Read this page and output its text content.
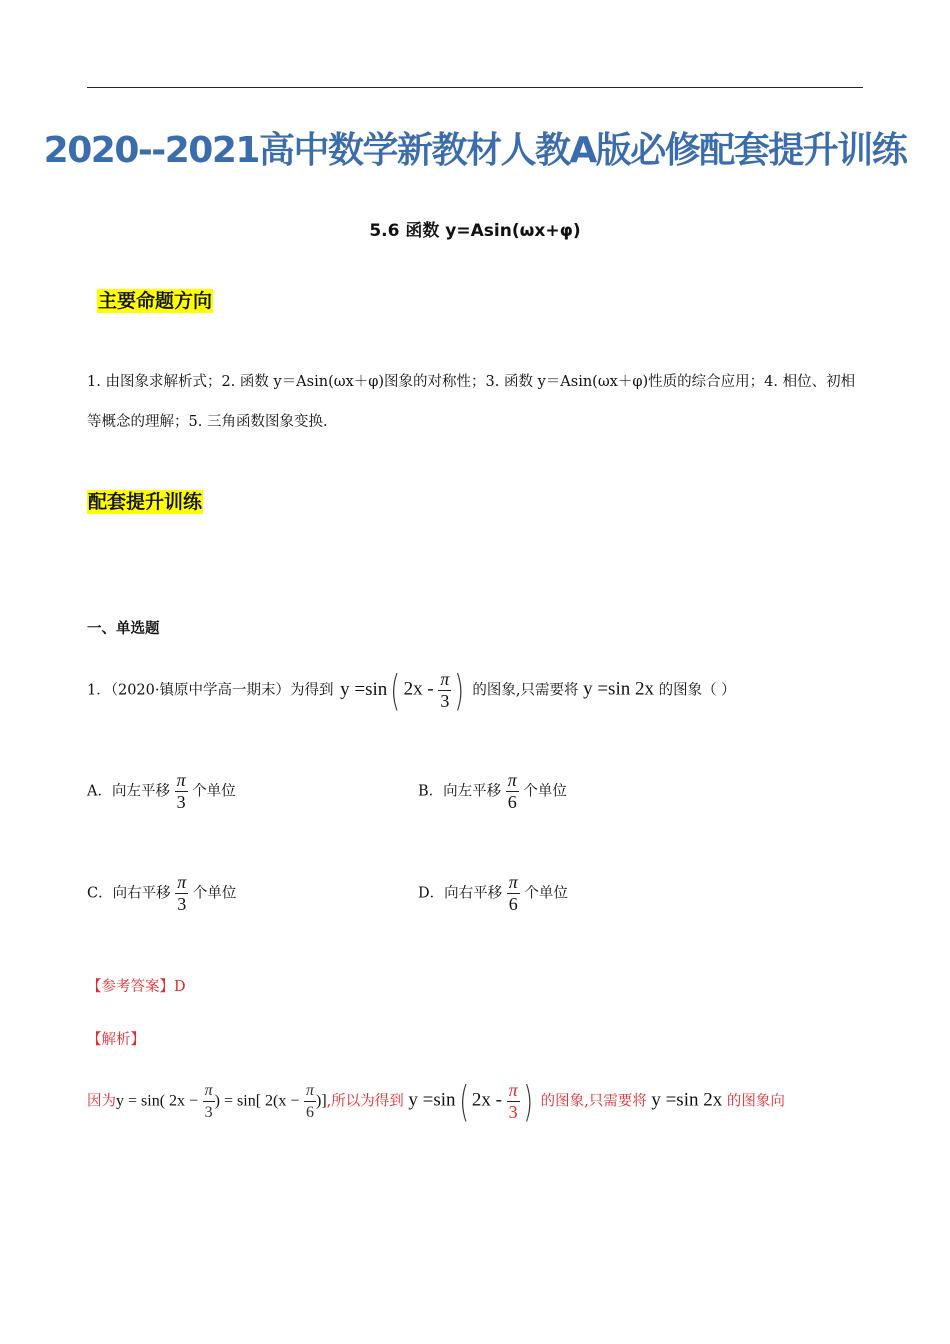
2020--2021高中数学新教材人教A版必修配套提升训练
5.6 函数 y=Asin(ωx+φ)
主要命题方向
1. 由图象求解析式；2. 函数 y＝Asin(ωx＋φ)图象的对称性；3. 函数 y＝Asin(ωx＋φ)性质的综合应用；4. 相位、初相等概念的理解；5. 三角函数图象变换.
配套提升训练
一、单选题
1．（2020·镇原中学高一期末）为得到 y =sin( $2x - \frac{\pi}{3}$ ) 的图象,只需要将 y =sin 2x 的图象（ ）
A．向左平移 $\frac{\pi}{3}$ 个单位	B．向左平移 $\frac{\pi}{6}$ 个单位
C．向右平移 $\frac{\pi}{3}$ 个单位	D．向右平移 $\frac{\pi}{6}$ 个单位
【参考答案】D
【解析】
因为y = sin( $2x - \frac{\pi}{3}$ ) = sin[ $2(x - \frac{\pi}{6}$ )],所以为得到 y =sin( $2x - \frac{\pi}{3}$ ) 的图象,只需要将 y =sin 2x 的图象向
